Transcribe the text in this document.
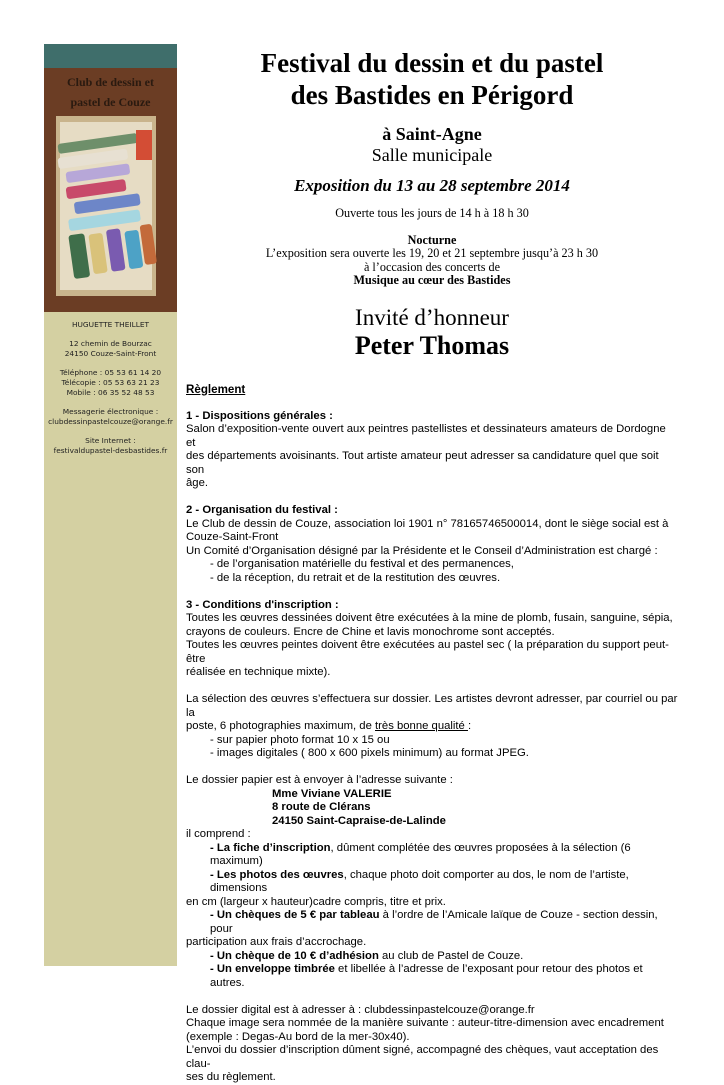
Club de dessin et
pastel de Couze
HUGUETTE THEILLET
12 chemin de Bourzac
24150 Couze-Saint-Front
Téléphone : 05 53 61 14 20
Télécopie : 05 53 63 21 23
Mobile : 06 35 52 48 53
Messagerie électronique :
clubdessinpastelcouze@orange.fr
Site Internet :
festivaldupastel-desbastides.fr
Festival du dessin et du pastel
des Bastides en Périgord
à Saint-Agne
Salle municipale
Exposition du 13 au 28 septembre 2014
Ouverte tous les jours de 14 h à 18 h 30
Nocturne
L’exposition sera ouverte les 19, 20 et 21 septembre jusqu’à 23 h 30
à l’occasion des concerts de
Musique au cœur des Bastides
Invité d’honneur
Peter Thomas
Règlement
1 - Dispositions générales :
Salon d’exposition-vente ouvert aux peintres pastellistes et dessinateurs amateurs de Dordogne et
des départements avoisinants. Tout artiste amateur peut adresser sa candidature quel que soit son
âge.
2 - Organisation du festival :
Le Club de dessin de Couze, association loi 1901 n° 78165746500014, dont le siège social est à
Couze-Saint-Front
Un Comité d’Organisation désigné par la Présidente et le Conseil d’Administration est chargé :
- de l’organisation matérielle du festival et des permanences,
- de la réception, du retrait et de la restitution des œuvres.
3 - Conditions d'inscription :
Toutes les œuvres dessinées doivent être exécutées à la mine de plomb, fusain, sanguine, sépia,
crayons de couleurs. Encre de Chine et lavis monochrome sont acceptés.
Toutes les œuvres peintes doivent être exécutées au pastel sec ( la préparation du support peut-être
réalisée en technique mixte).
La sélection des œuvres s’effectuera sur dossier. Les artistes devront adresser, par courriel ou par la
poste, 6 photographies maximum, de très bonne qualité :
- sur papier photo format 10 x 15 ou
- images digitales ( 800 x 600 pixels minimum) au format JPEG.
Le dossier papier est à envoyer à l’adresse suivante :
Mme Viviane VALERIE
8 route de Clérans
24150 Saint-Capraise-de-Lalinde
il comprend :
- La fiche d’inscription, dûment complétée des œuvres proposées à la sélection (6 maximum)
- Les photos des œuvres, chaque photo doit comporter au dos, le nom de l’artiste, dimensions
en cm (largeur x hauteur)cadre compris, titre et prix.
- Un chèques de 5 € par tableau à l’ordre de l’Amicale laïque de Couze - section dessin, pour
participation aux frais d’accrochage.
- Un chèque de 10 € d’adhésion au club de Pastel de Couze.
- Un enveloppe timbrée et libellée à l’adresse de l’exposant pour retour des photos et autres.
Le dossier digital est à adresser à : clubdessinpastelcouze@orange.fr
Chaque image sera nommée de la manière suivante : auteur-titre-dimension avec encadrement
(exemple : Degas-Au bord de la mer-30x40).
L’envoi du dossier d’inscription dûment signé, accompagné des chèques, vaut acceptation des clau-
ses du règlement.
